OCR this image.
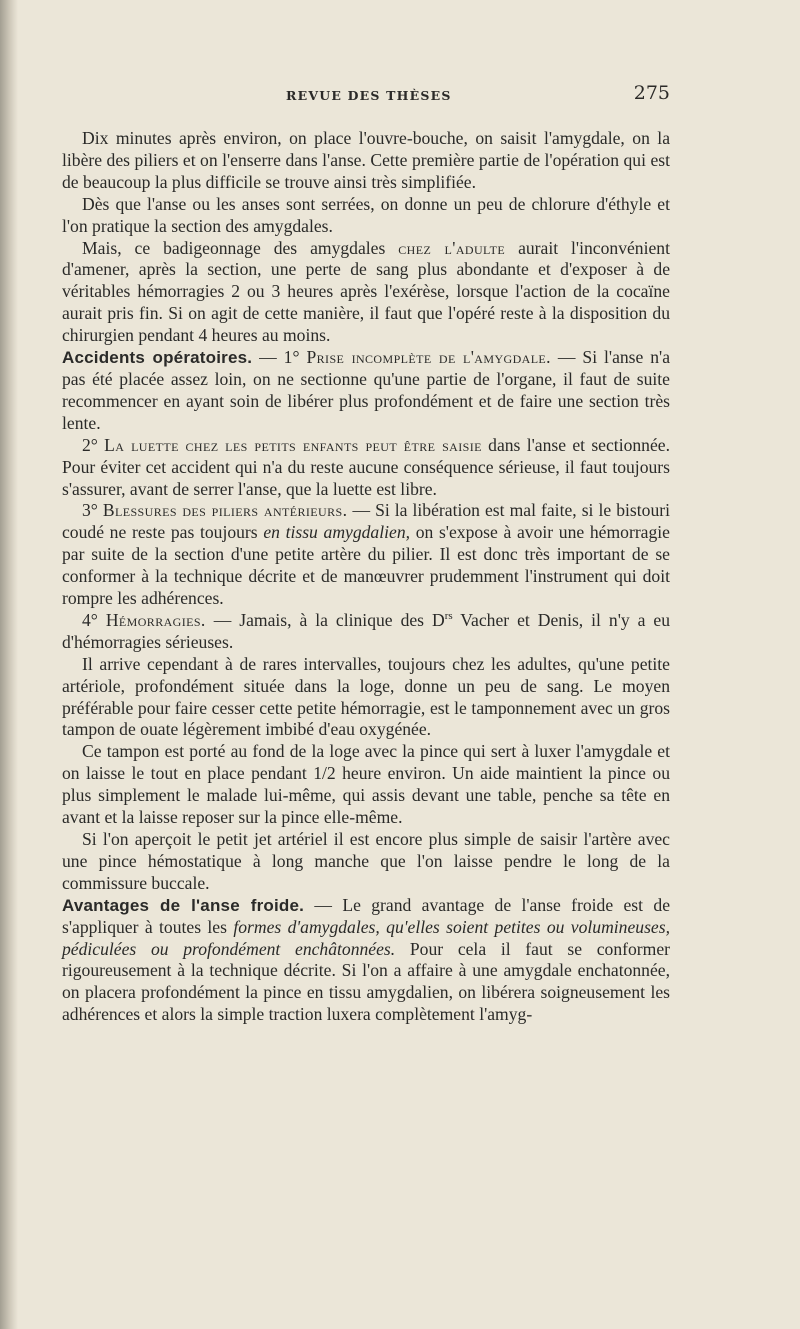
REVUE DES THÈSES	275

Dix minutes après environ, on place l'ouvre-bouche, on saisit l'amygdale, on la libère des piliers et on l'enserre dans l'anse. Cette première partie de l'opération qui est de beaucoup la plus difficile se trouve ainsi très simplifiée.

Dès que l'anse ou les anses sont serrées, on donne un peu de chlorure d'éthyle et l'on pratique la section des amygdales.

Mais, ce badigeonnage des amygdales chez l'adulte aurait l'inconvénient d'amener, après la section, une perte de sang plus abondante et d'exposer à de véritables hémorragies 2 ou 3 heures après l'exérèse, lorsque l'action de la cocaïne aurait pris fin. Si on agit de cette manière, il faut que l'opéré reste à la disposition du chirurgien pendant 4 heures au moins.

Accidents opératoires. — 1° Prise incomplète de l'amygdale. — Si l'anse n'a pas été placée assez loin, on ne sectionne qu'une partie de l'organe, il faut de suite recommencer en ayant soin de libérer plus profondément et de faire une section très lente.

2° La luette chez les petits enfants peut être saisie dans l'anse et sectionnée. Pour éviter cet accident qui n'a du reste aucune conséquence sérieuse, il faut toujours s'assurer, avant de serrer l'anse, que la luette est libre.

3° Blessures des piliers antérieurs. — Si la libération est mal faite, si le bistouri coudé ne reste pas toujours en tissu amygdalien, on s'expose à avoir une hémorragie par suite de la section d'une petite artère du pilier. Il est donc très important de se conformer à la technique décrite et de manœuvrer prudemment l'instrument qui doit rompre les adhérences.

4° Hémorragies. — Jamais, à la clinique des $D^{rs}$ Vacher et Denis, il n'y a eu d'hémorragies sérieuses.

Il arrive cependant à de rares intervalles, toujours chez les adultes, qu'une petite artériole, profondément située dans la loge, donne un peu de sang. Le moyen préférable pour faire cesser cette petite hémorragie, est le tamponnement avec un gros tampon de ouate légèrement imbibé d'eau oxygénée.

Ce tampon est porté au fond de la loge avec la pince qui sert à luxer l'amygdale et on laisse le tout en place pendant 1/2 heure environ. Un aide maintient la pince ou plus simplement le malade lui-même, qui assis devant une table, penche sa tête en avant et la laisse reposer sur la pince elle-même.

Si l'on aperçoit le petit jet artériel il est encore plus simple de saisir l'artère avec une pince hémostatique à long manche que l'on laisse pendre le long de la commissure buccale.

Avantages de l'anse froide. — Le grand avantage de l'anse froide est de s'appliquer à toutes les formes d'amygdales, qu'elles soient petites ou volumineuses, pédiculées ou profondément enchâtonnées. Pour cela il faut se conformer rigoureusement à la technique décrite. Si l'on a affaire à une amygdale enchatonnée, on placera profondément la pince en tissu amygdalien, on libérera soigneusement les adhérences et alors la simple traction luxera complètement l'amyg-
